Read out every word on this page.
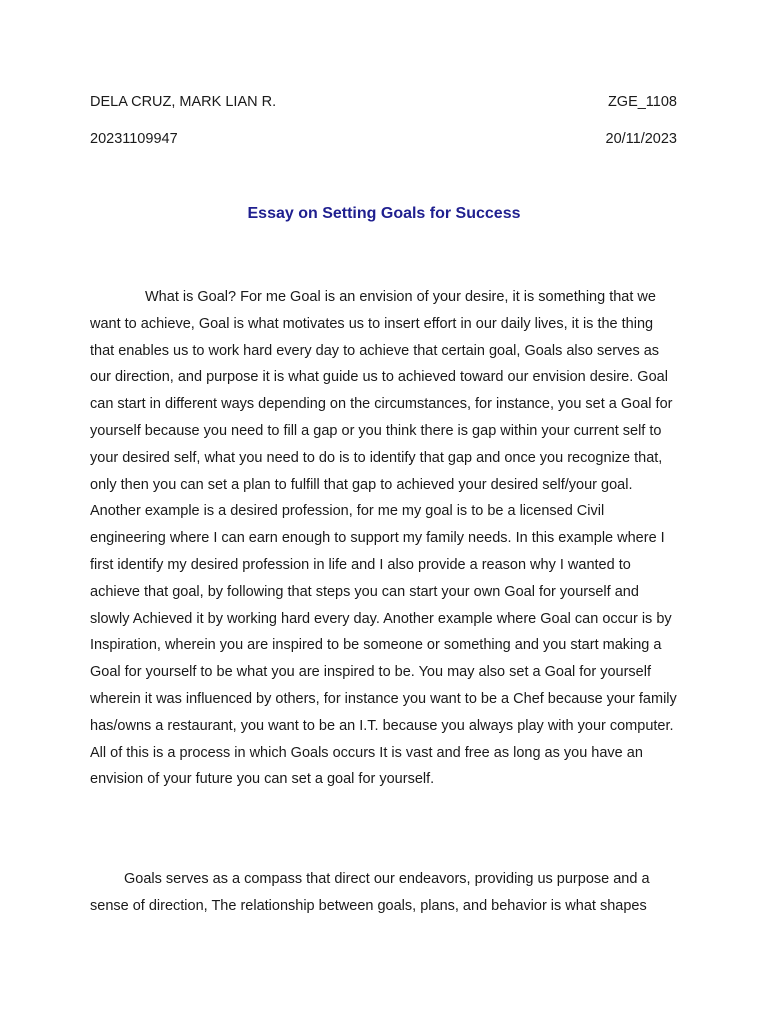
DELA CRUZ, MARK LIAN R.	ZGE_1108
20231109947	20/11/2023
Essay on Setting Goals for Success

What is Goal? For me Goal is an envision of your desire, it is something that we want to achieve, Goal is what motivates us to insert effort in our daily lives, it is the thing that enables us to work hard every day to achieve that certain goal, Goals also serves as our direction, and purpose it is what guide us to achieved toward our envision desire. Goal can start in different ways depending on the circumstances, for instance, you set a Goal for yourself because you need to fill a gap or you think there is gap within your current self to your desired self, what you need to do is to identify that gap and once you recognize that, only then you can set a plan to fulfill that gap to achieved your desired self/your goal. Another example is a desired profession, for me my goal is to be a licensed Civil engineering where I can earn enough to support my family needs. In this example where I first identify my desired profession in life and I also provide a reason why I wanted to achieve that goal, by following that steps you can start your own Goal for yourself and slowly Achieved it by working hard every day. Another example where Goal can occur is by Inspiration, wherein you are inspired to be someone or something and you start making a Goal for yourself to be what you are inspired to be. You may also set a Goal for yourself wherein it was influenced by others, for instance you want to be a Chef because your family has/owns a restaurant, you want to be an I.T. because you always play with your computer. All of this is a process in which Goals occurs It is vast and free as long as you have an envision of your future you can set a goal for yourself.

Goals serves as a compass that direct our endeavors, providing us purpose and a sense of direction, The relationship between goals, plans, and behavior is what shapes
